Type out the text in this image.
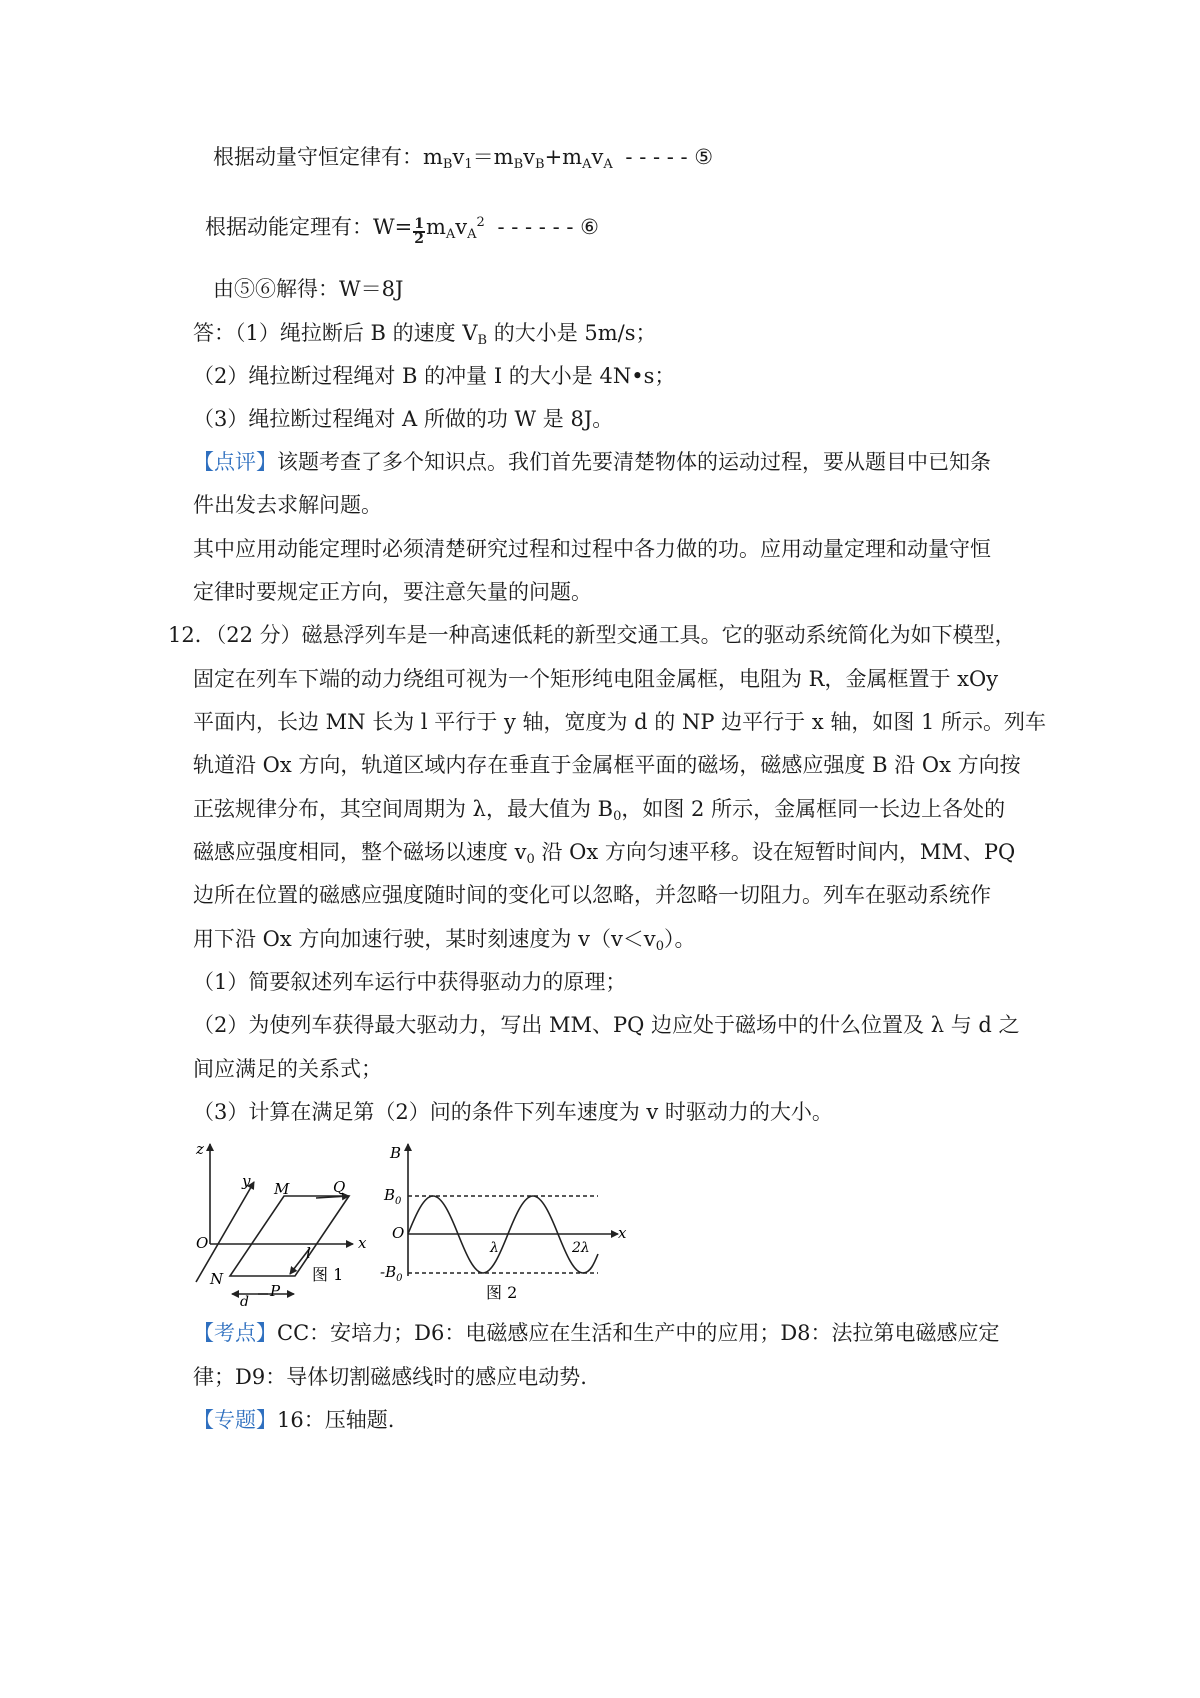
根据动量守恒定律有：$m_Bv_1=m_Bv_B+m_Av_A$ - - - - - ⑤
根据动能定理有：$W= \frac{1}{2} m_Av_A^2$ - - - - - - ⑥
由⑤⑥解得：W＝8J
答：（1）绳拉断后 B 的速度 $V_B$ 的大小是 5m/s；
（2）绳拉断过程绳对 B 的冲量 I 的大小是 4N•s；
（3）绳拉断过程绳对 A 所做的功 W 是 8J。
【点评】该题考查了多个知识点。我们首先要清楚物体的运动过程，要从题目中已知条
件出发去求解问题。
其中应用动能定理时必须清楚研究过程和过程中各力做的功。应用动量定理和动量守恒
定律时要规定正方向，要注意矢量的问题。
12．（22 分）磁悬浮列车是一种高速低耗的新型交通工具。它的驱动系统简化为如下模型，
固定在列车下端的动力绕组可视为一个矩形纯电阻金属框，电阻为 R，金属框置于 xOy
平面内，长边 MN 长为 l 平行于 y 轴，宽度为 d 的 NP 边平行于 x 轴，如图 1 所示。列车
轨道沿 Ox 方向，轨道区域内存在垂直于金属框平面的磁场，磁感应强度 B 沿 Ox 方向按
正弦规律分布，其空间周期为 λ，最大值为 $B_0$，如图 2 所示，金属框同一长边上各处的
磁感应强度相同，整个磁场以速度 $v_0$ 沿 Ox 方向匀速平移。设在短暂时间内，MM、PQ
边所在位置的磁感应强度随时间的变化可以忽略，并忽略一切阻力。列车在驱动系统作
用下沿 Ox 方向加速行驶，某时刻速度为 $v(v<v_0)$。
（1）简要叙述列车运行中获得驱动力的原理；
（2）为使列车获得最大驱动力，写出 MM、PQ 边应处于磁场中的什么位置及 λ 与 d 之
间应满足的关系式；
（3）计算在满足第（2）问的条件下列车速度为 v 时驱动力的大小。
z
y
x
O
M	Q
N
P
l
d
图 1
B
$B_0$
$-B_0$
O	x
λ	2λ
图 2
【考点】CC：安培力；D6：电磁感应在生活和生产中的应用；D8：法拉第电磁感应定
律；D9：导体切割磁感线时的感应电动势.
【专题】16：压轴题.
